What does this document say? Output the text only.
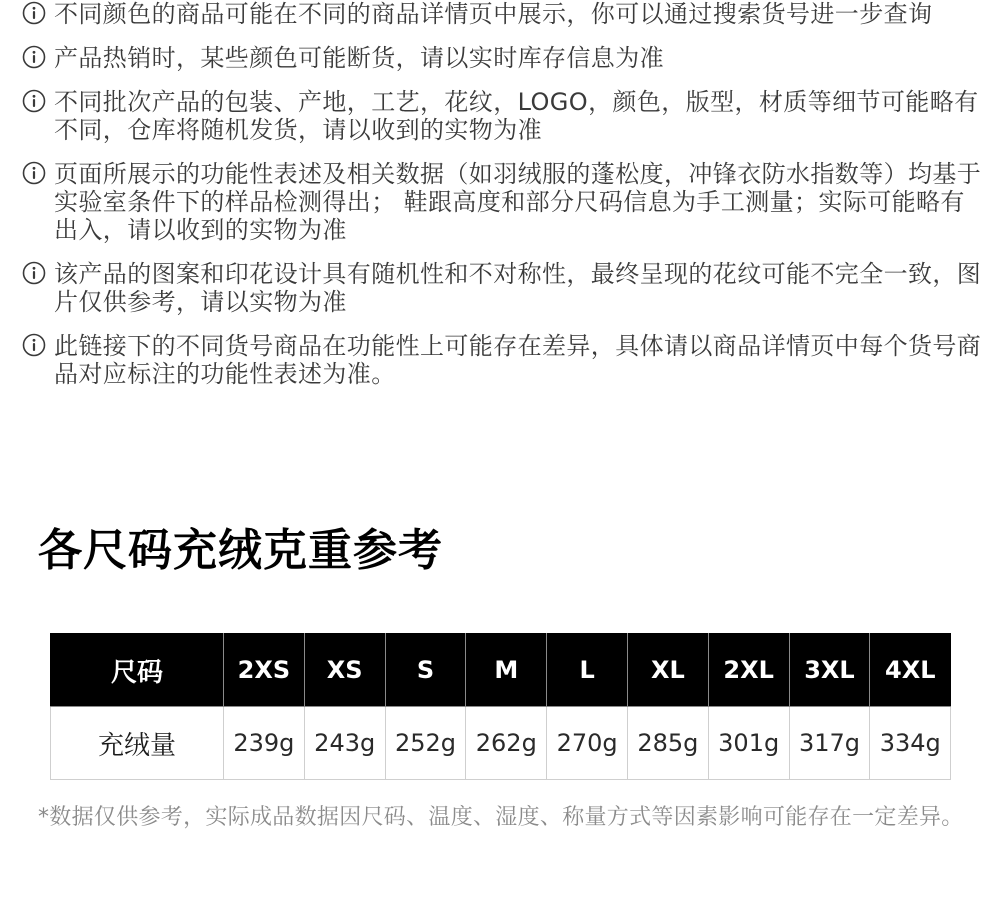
不同颜色的商品可能在不同的商品详情页中展示，你可以通过搜索货号进一步查询
产品热销时，某些颜色可能断货，请以实时库存信息为准
不同批次产品的包装、产地，工艺，花纹，LOGO，颜色，版型，材质等细节可能略有不同，仓库将随机发货，请以收到的实物为准
页面所展示的功能性表述及相关数据（如羽绒服的蓬松度，冲锋衣防水指数等）均基于实验室条件下的样品检测得出； 鞋跟高度和部分尺码信息为手工测量；实际可能略有出入，请以收到的实物为准
该产品的图案和印花设计具有随机性和不对称性，最终呈现的花纹可能不完全一致，图片仅供参考，请以实物为准
此链接下的不同货号商品在功能性上可能存在差异，具体请以商品详情页中每个货号商品对应标注的功能性表述为准。
各尺码充绒克重参考
尺码	2XS	XS	S	M	L	XL	2XL	3XL	4XL
充绒量	239g	243g	252g	262g	270g	285g	301g	317g	334g

*数据仅供参考，实际成品数据因尺码、温度、湿度、称量方式等因素影响可能存在一定差异。
